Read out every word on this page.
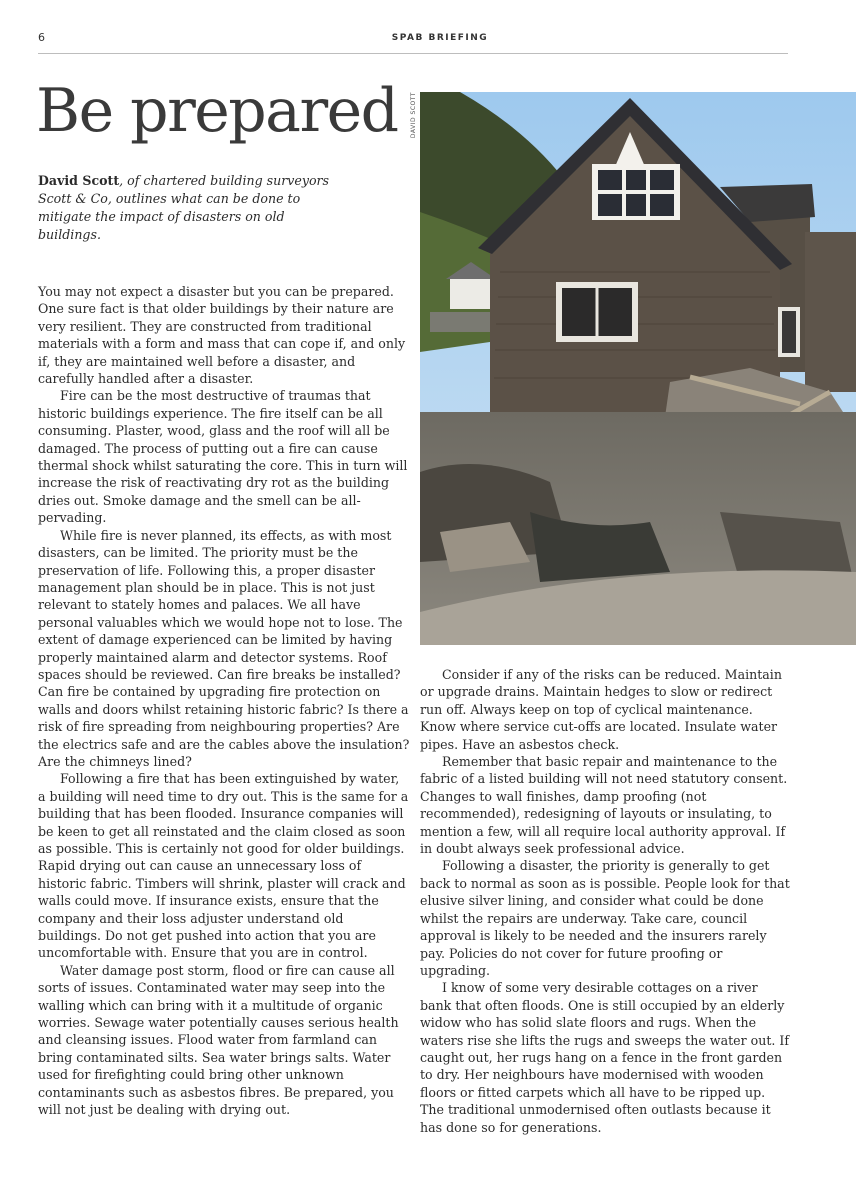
6	SPAB BRIEFING
Be prepared

David Scott, of chartered building surveyors Scott & Co, outlines what can be done to mitigate the impact of disasters on old buildings.

DAVID SCOTT

You may not expect a disaster but you can be prepared. One sure fact is that older buildings by their nature are very resilient. They are constructed from traditional materials with a form and mass that can cope if, and only if, they are maintained well before a disaster, and carefully handled after a disaster.

Fire can be the most destructive of traumas that historic buildings experience. The fire itself can be all consuming. Plaster, wood, glass and the roof will all be damaged. The process of putting out a fire can cause thermal shock whilst saturating the core. This in turn will increase the risk of reactivating dry rot as the building dries out. Smoke damage and the smell can be all-pervading.

While fire is never planned, its effects, as with most disasters, can be limited. The priority must be the preservation of life. Following this, a proper disaster management plan should be in place. This is not just relevant to stately homes and palaces. We all have personal valuables which we would hope not to lose. The extent of damage experienced can be limited by having properly maintained alarm and detector systems. Roof spaces should be reviewed. Can fire breaks be installed? Can fire be contained by upgrading fire protection on walls and doors whilst retaining historic fabric? Is there a risk of fire spreading from neighbouring properties? Are the electrics safe and are the cables above the insulation? Are the chimneys lined?

Following a fire that has been extinguished by water, a building will need time to dry out. This is the same for a building that has been flooded. Insurance companies will be keen to get all reinstated and the claim closed as soon as possible. This is certainly not good for older buildings. Rapid drying out can cause an unnecessary loss of historic fabric. Timbers will shrink, plaster will crack and walls could move. If insurance exists, ensure that the company and their loss adjuster understand old buildings. Do not get pushed into action that you are uncomfortable with. Ensure that you are in control.

Water damage post storm, flood or fire can cause all sorts of issues. Contaminated water may seep into the walling which can bring with it a multitude of organic worries. Sewage water potentially causes serious health and cleansing issues. Flood water from farmland can bring contaminated silts. Sea water brings salts. Water used for firefighting could bring other unknown contaminants such as asbestos fibres. Be prepared, you will not just be dealing with drying out.

Consider if any of the risks can be reduced. Maintain or upgrade drains. Maintain hedges to slow or redirect run off. Always keep on top of cyclical maintenance. Know where service cut-offs are located. Insulate water pipes. Have an asbestos check.

Remember that basic repair and maintenance to the fabric of a listed building will not need statutory consent. Changes to wall finishes, damp proofing (not recommended), redesigning of layouts or insulating, to mention a few, will all require local authority approval. If in doubt always seek professional advice.

Following a disaster, the priority is generally to get back to normal as soon as is possible. People look for that elusive silver lining, and consider what could be done whilst the repairs are underway. Take care, council approval is likely to be needed and the insurers rarely pay. Policies do not cover for future proofing or upgrading.

I know of some very desirable cottages on a river bank that often floods. One is still occupied by an elderly widow who has solid slate floors and rugs. When the waters rise she lifts the rugs and sweeps the water out. If caught out, her rugs hang on a fence in the front garden to dry. Her neighbours have modernised with wooden floors or fitted carpets which all have to be ripped up. The traditional unmodernised often outlasts because it has done so for generations.
